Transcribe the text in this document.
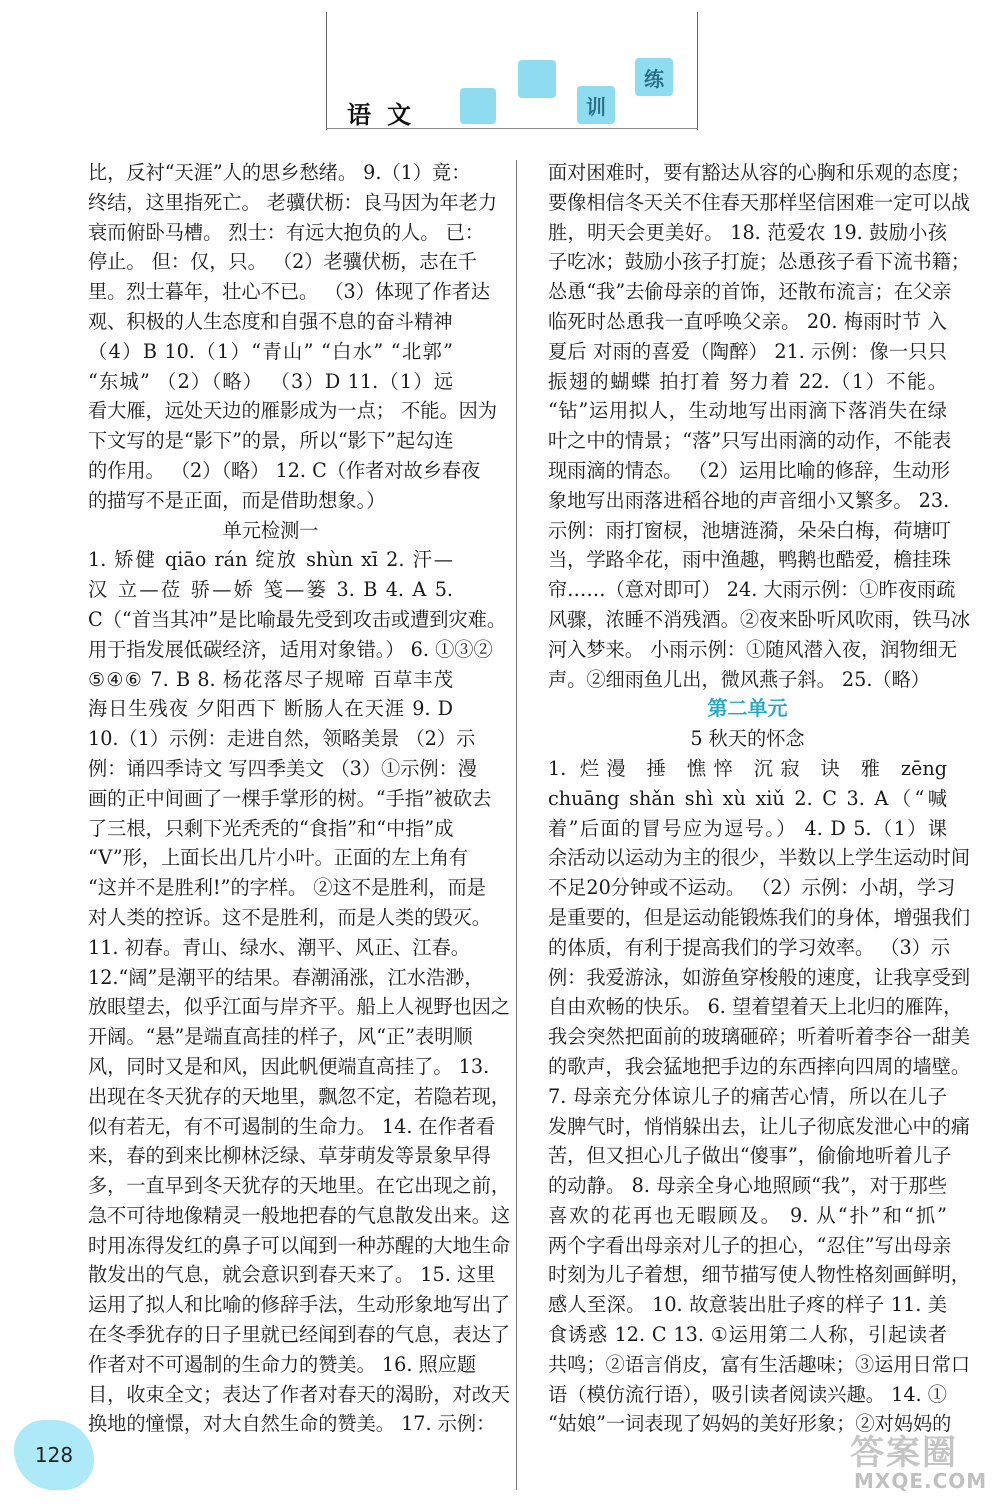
语文	训
练
比，反衬“天涯”人的思乡愁绪。 9.（1）竟：
终结，这里指死亡。 老骥伏枥：良马因为年老力
衰而俯卧马槽。 烈士：有远大抱负的人。 已：
停止。 但：仅，只。 （2）老骥伏枥，志在千
里。烈士暮年，壮心不已。 （3）体现了作者达
观、积极的人生态度和自强不息的奋斗精神
（4）B 10.（1）“青山” “白水” “北郭”
“东城” （2）（略） （3）D 11.（1）远
看大雁，远处天边的雁影成为一点； 不能。因为
下文写的是“影下”的景，所以“影下”起勾连
的作用。 （2）（略） 12. C（作者对故乡春夜
的描写不是正面，而是借助想象。）
单元检测一
1. 矫健 qiāo rán 绽放 shùn xī 2. 汗—
汉 立—莅 骄—娇 笺—篓 3. B 4. A 5.
C（“首当其冲”是比喻最先受到攻击或遭到灾难。
用于指发展低碳经济，适用对象错。） 6. ①③②
⑤④⑥ 7. B 8. 杨花落尽子规啼 百草丰茂
海日生残夜 夕阳西下 断肠人在天涯 9. D
10.（1）示例：走进自然，领略美景 （2）示
例：诵四季诗文 写四季美文 （3）①示例：漫
画的正中间画了一棵手掌形的树。“手指”被砍去
了三根，只剩下光秃秃的“食指”和“中指”成
“V”形，上面长出几片小叶。正面的左上角有
“这并不是胜利!”的字样。 ②这不是胜利，而是
对人类的控诉。这不是胜利，而是人类的毁灭。
11. 初春。青山、绿水、潮平、风正、江春。
12.“阔”是潮平的结果。春潮涌涨，江水浩渺，
放眼望去，似乎江面与岸齐平。船上人视野也因之
开阔。“悬”是端直高挂的样子，风“正”表明顺
风，同时又是和风，因此帆便端直高挂了。 13.
出现在冬天犹存的天地里，飘忽不定，若隐若现，
似有若无，有不可遏制的生命力。 14. 在作者看
来，春的到来比柳林泛绿、草芽萌发等景象早得
多，一直早到冬天犹存的天地里。在它出现之前，
急不可待地像精灵一般地把春的气息散发出来。这
时用冻得发红的鼻子可以闻到一种苏醒的大地生命
散发出的气息，就会意识到春天来了。 15. 这里
运用了拟人和比喻的修辞手法，生动形象地写出了
在冬季犹存的日子里就已经闻到春的气息，表达了
作者对不可遏制的生命力的赞美。 16. 照应题
目，收束全文；表达了作者对春天的渴盼，对改天
换地的憧憬，对大自然生命的赞美。 17. 示例：
面对困难时，要有豁达从容的心胸和乐观的态度；
要像相信冬天关不住春天那样坚信困难一定可以战
胜，明天会更美好。 18. 范爱农 19. 鼓励小孩
子吃冰；鼓励小孩子打旋；怂恿孩子看下流书籍；
怂恿“我”去偷母亲的首饰，还散布流言；在父亲
临死时怂恿我一直呼唤父亲。 20. 梅雨时节 入
夏后 对雨的喜爱（陶醉） 21. 示例：像一只只
振翅的蝴蝶 拍打着 努力着 22.（1）不能。
“钻”运用拟人，生动地写出雨滴下落消失在绿
叶之中的情景；“落”只写出雨滴的动作，不能表
现雨滴的情态。 （2）运用比喻的修辞，生动形
象地写出雨落进稻谷地的声音细小又繁多。 23.
示例：雨打窗棂，池塘涟漪，朵朵白梅，荷塘叮
当，学路伞花，雨中渔趣，鸭鹅也酷爱，檐挂珠
帘……（意对即可） 24. 大雨示例：①昨夜雨疏
风骤，浓睡不消残酒。②夜来卧听风吹雨，铁马冰
河入梦来。 小雨示例：①随风潜入夜，润物细无
声。②细雨鱼儿出，微风燕子斜。 25.（略）
第二单元
5 秋天的怀念
1. 烂漫 捶 憔悴 沉寂 诀 雅 zēng
chuāng shǎn shì xù xiǔ 2. C 3. A（“喊
着”后面的冒号应为逗号。） 4. D 5.（1）课
余活动以运动为主的很少，半数以上学生运动时间
不足20分钟或不运动。 （2）示例：小胡，学习
是重要的，但是运动能锻炼我们的身体，增强我们
的体质，有利于提高我们的学习效率。 （3）示
例：我爱游泳，如游鱼穿梭般的速度，让我享受到
自由欢畅的快乐。 6. 望着望着天上北归的雁阵，
我会突然把面前的玻璃砸碎；听着听着李谷一甜美
的歌声，我会猛地把手边的东西摔向四周的墙壁。
7. 母亲充分体谅儿子的痛苦心情，所以在儿子
发脾气时，悄悄躲出去，让儿子彻底发泄心中的痛
苦，但又担心儿子做出“傻事”，偷偷地听着儿子
的动静。 8. 母亲全身心地照顾“我”，对于那些
喜欢的花再也无暇顾及。 9. 从“扑”和“抓”
两个字看出母亲对儿子的担心，“忍住”写出母亲
时刻为儿子着想，细节描写使人物性格刻画鲜明，
感人至深。 10. 故意装出肚子疼的样子 11. 美
食诱惑 12. C 13. ①运用第二人称，引起读者
共鸣；②语言俏皮，富有生活趣味；③运用日常口
语（模仿流行语），吸引读者阅读兴趣。 14. ①
“姑娘”一词表现了妈妈的美好形象；②对妈妈的
128	答案圈
MXQE.COM
